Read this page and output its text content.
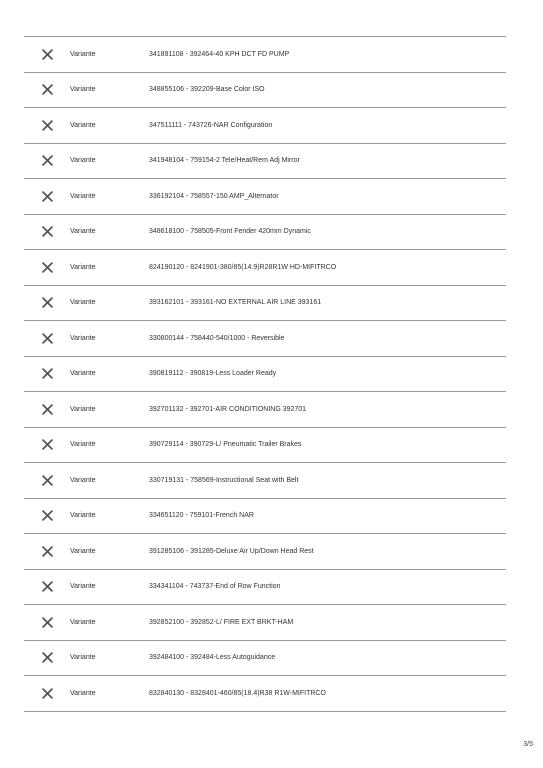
Variante	341891108 - 392464-40 KPH DCT FD PUMP
Variante	348855106 - 392209-Base Color ISO
Variante	347511111 - 743726-NAR Configuration
Variante	341948104 - 759154-2 Tele/Heat/Rem Adj Mirror
Variante	336192104 - 758557-150 AMP_Alternator
Variante	348618100 - 758505-Front Fender 420mm Dynamic
Variante	824190120 - 8241901-380/85(14.9)R28R1W HD-MIFITRCO
Variante	393162101 - 393161-NO EXTERNAL AIR LINE 393161
Variante	330800144 - 758440-540/1000 - Reversible
Variante	390819112 - 390819-Less Loader Ready
Variante	392701132 - 392701-AIR CONDITIONING 392701
Variante	390729114 - 390729-L/ Pneumatic Trailer Brakes
Variante	330719131 - 758569-Instructional Seat with Belt
Variante	334651120 - 759101-French NAR
Variante	391285106 - 391285-Deluxe Air Up/Down Head Rest
Variante	334341104 - 743737-End of Row Function
Variante	392852100 - 392852-L/ FIRE EXT BRKT-HAM
Variante	392484100 - 392484-Less Autoguidance
Variante	832840130 - 8328401-460/85(18.4)R38 R1W-MIFITRCO
3/5
